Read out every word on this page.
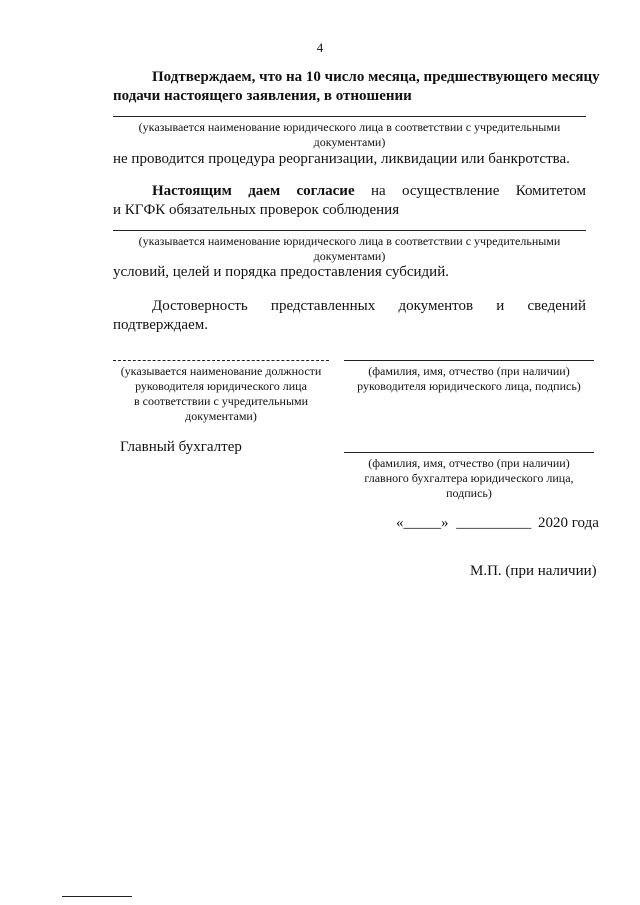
4
Подтверждаем, что на 10 число месяца, предшествующего месяцу
подачи настоящего заявления, в отношении
(указывается наименование юридического лица в соответствии с учредительными
документами)
не проводится процедура реорганизации, ликвидации или банкротства.
Настоящим даем согласие на осуществление Комитетом
и КГФК обязательных проверок соблюдения
(указывается наименование юридического лица в соответствии с учредительными
документами)
условий, целей и порядка предоставления субсидий.
Достоверность представленных документов и сведений
подтверждаем.
(указывается наименование должности
руководителя юридического лица
в соответствии с учредительными
документами)
(фамилия, имя, отчество (при наличии)
руководителя юридического лица, подпись)
Главный бухгалтер
(фамилия, имя, отчество (при наличии)
главного бухгалтера юридического лица,
подпись)
«_____» __________ 2020 года
М.П. (при наличии)
